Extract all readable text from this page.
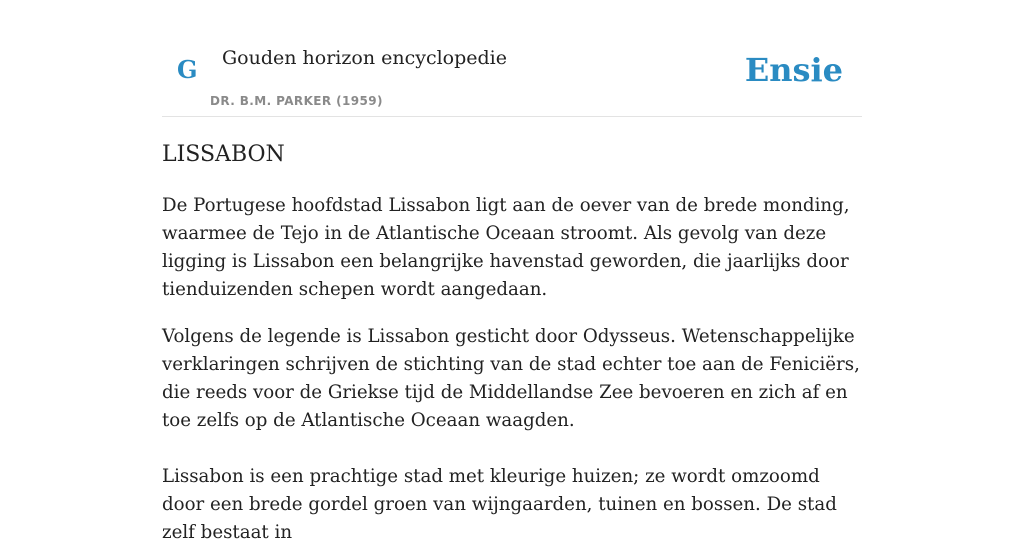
G Gouden horizon encyclopedie
DR. B.M. PARKER (1959)
Ensie
LISSABON

De Portugese hoofdstad Lissabon ligt aan de oever van de brede monding, waarmee de Tejo in de Atlantische Oceaan stroomt. Als gevolg van deze ligging is Lissabon een belangrijke havenstad geworden, die jaarlijks door tienduizenden schepen wordt aangedaan.

Volgens de legende is Lissabon gesticht door Odysseus. Wetenschappelijke verklaringen schrijven de stichting van de stad echter toe aan de Feniciërs, die reeds voor de Griekse tijd de Middellandse Zee bevoeren en zich af en toe zelfs op de Atlantische Oceaan waagden.

Lissabon is een prachtige stad met kleurige huizen; ze wordt omzoomd door een brede gordel groen van wijngaarden, tuinen en bossen. De stad zelf bestaat in
